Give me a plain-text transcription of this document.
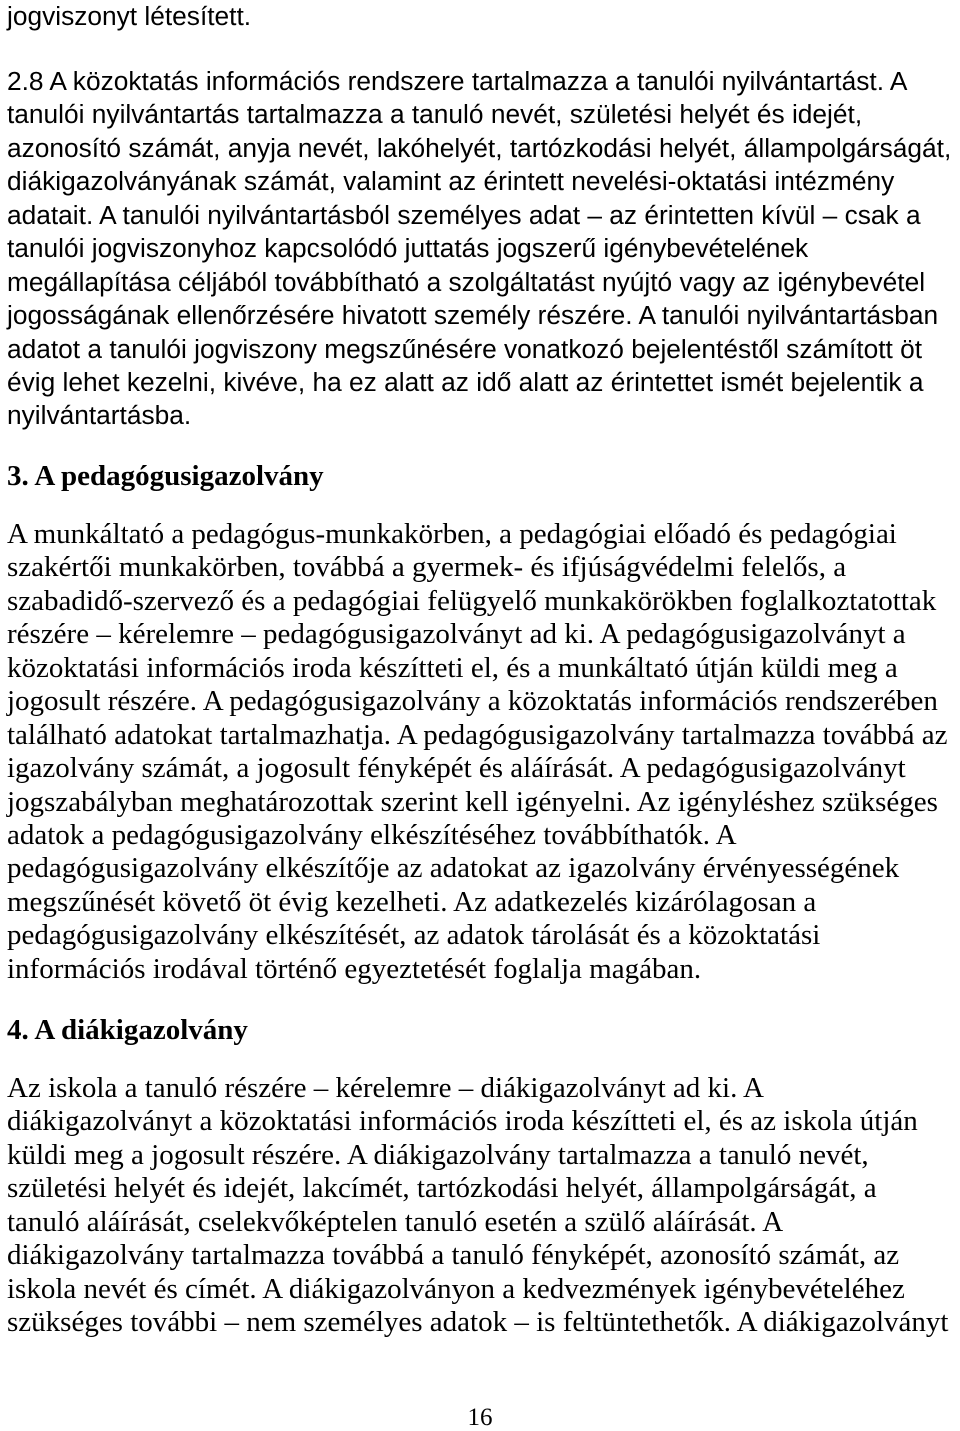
jogviszonyt létesített.
2.8 A közoktatás információs rendszere tartalmazza a tanulói nyilvántartást. A
tanulói nyilvántartás tartalmazza a tanuló nevét, születési helyét és idejét,
azonosító számát, anyja nevét, lakóhelyét, tartózkodási helyét, állampolgárságát,
diákigazolványának számát, valamint az érintett nevelési-oktatási intézmény
adatait. A tanulói nyilvántartásból személyes adat – az érintetten kívül – csak a
tanulói jogviszonyhoz kapcsolódó juttatás jogszerű igénybevételének
megállapítása céljából továbbítható a szolgáltatást nyújtó vagy az igénybevétel
jogosságának ellenőrzésére hivatott személy részére. A tanulói nyilvántartásban
adatot a tanulói jogviszony megszűnésére vonatkozó bejelentéstől számított öt
évig lehet kezelni, kivéve, ha ez alatt az idő alatt az érintettet ismét bejelentik a
nyilvántartásba.
3. A pedagógusigazolvány
A munkáltató a pedagógus-munkakörben, a pedagógiai előadó és pedagógiai
szakértői munkakörben, továbbá a gyermek- és ifjúságvédelmi felelős, a
szabadidő-szervező és a pedagógiai felügyelő munkakörökben foglalkoztatottak
részére – kérelemre – pedagógusigazolványt ad ki. A pedagógusigazolványt a
közoktatási információs iroda készítteti el, és a munkáltató útján küldi meg a
jogosult részére. A pedagógusigazolvány a közoktatás információs rendszerében
található adatokat tartalmazhatja. A pedagógusigazolvány tartalmazza továbbá az
igazolvány számát, a jogosult fényképét és aláírását. A pedagógusigazolványt
jogszabályban meghatározottak szerint kell igényelni. Az igényléshez szükséges
adatok a pedagógusigazolvány elkészítéséhez továbbíthatók. A
pedagógusigazolvány elkészítője az adatokat az igazolvány érvényességének
megszűnését követő öt évig kezelheti. Az adatkezelés kizárólagosan a
pedagógusigazolvány elkészítését, az adatok tárolását és a közoktatási
információs irodával történő egyeztetését foglalja magában.
4. A diákigazolvány
Az iskola a tanuló részére – kérelemre – diákigazolványt ad ki. A
diákigazolványt a közoktatási információs iroda készítteti el, és az iskola útján
küldi meg a jogosult részére. A diákigazolvány tartalmazza a tanuló nevét,
születési helyét és idejét, lakcímét, tartózkodási helyét, állampolgárságát, a
tanuló aláírását, cselekvőképtelen tanuló esetén a szülő aláírását. A
diákigazolvány tartalmazza továbbá a tanuló fényképét, azonosító számát, az
iskola nevét és címét. A diákigazolványon a kedvezmények igénybevételéhez
szükséges további – nem személyes adatok – is feltüntethetők. A diákigazolványt
16
